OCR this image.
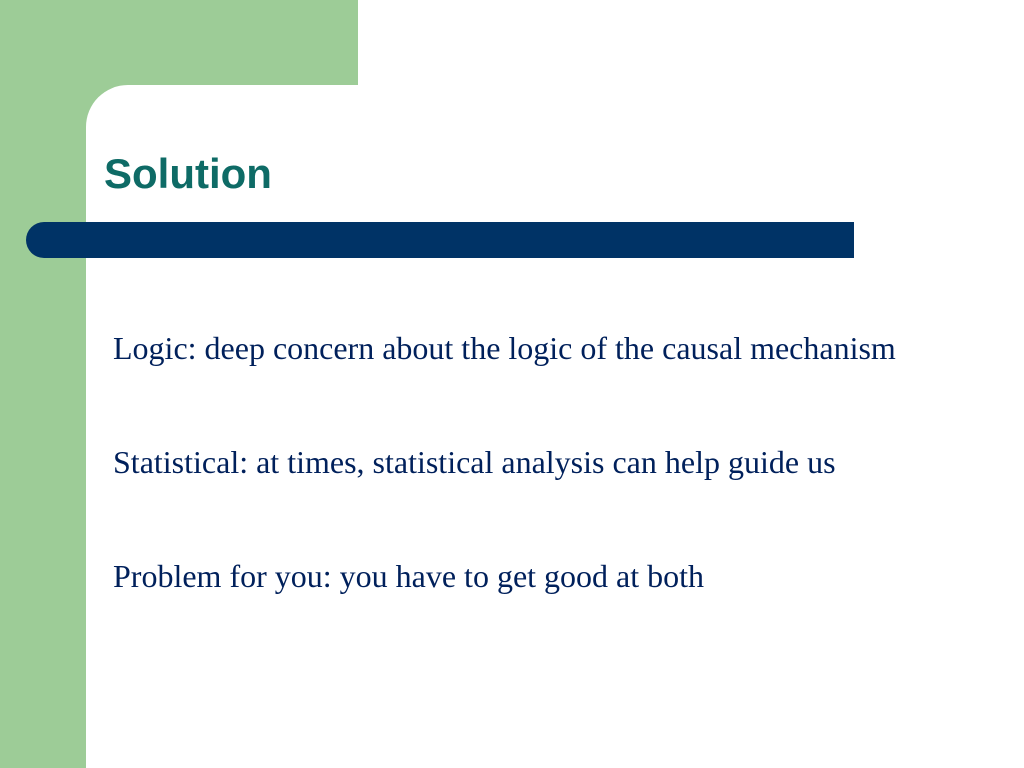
Solution
Logic: deep concern about the logic of the causal mechanism
Statistical: at times, statistical analysis can help guide us
Problem for you: you have to get good at both
